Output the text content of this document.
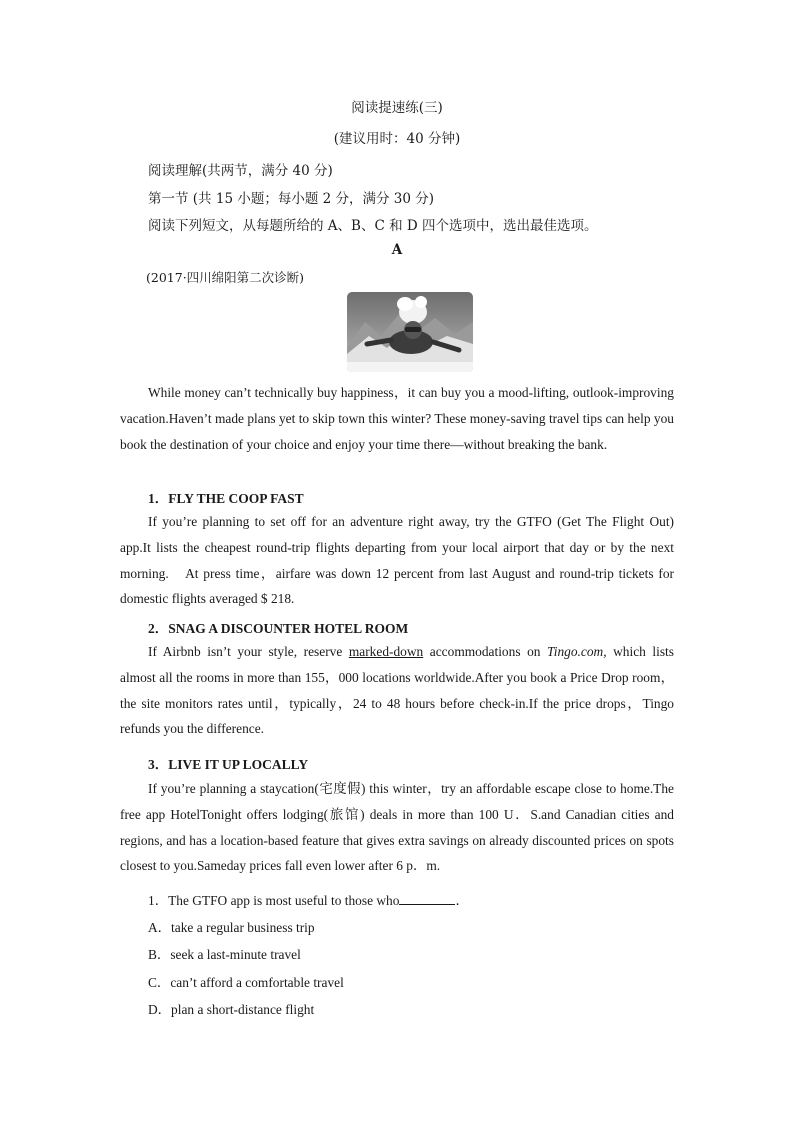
阅读提速练(三)
(建议用时：40 分钟)
阅读理解(共两节，满分 40 分)
第一节 (共 15 小题；每小题 2 分，满分 30 分)
阅读下列短文，从每题所给的 A、B、C 和 D 四个选项中，选出最佳选项。
A
(2017·四川绵阳第二次诊断)

While money can’t technically buy happiness，it can buy you a mood-lifting, outlook-improving vacation.Haven’t made plans yet to skip town this winter? These money-saving travel tips can help you book the destination of your choice and enjoy your time there—without breaking the bank.

1．FLY THE COOP FAST

If you’re planning to set off for an adventure right away, try the GTFO (Get The Flight Out) app.It lists the cheapest round-trip flights departing from your local airport that day or by the next morning.　At press time，airfare was down 12 percent from last August and round-trip tickets for domestic flights averaged $ 218.

2．SNAG A DISCOUNTER HOTEL ROOM

If Airbnb isn’t your style, reserve marked-down accommodations on Tingo.com, which lists almost all the rooms in more than 155，000 locations worldwide.After you book a Price Drop room，the site monitors rates until，typically，24 to 48 hours before check-in.If the price drops，Tingo refunds you the difference.

3．LIVE IT UP LOCALLY

If you’re planning a staycation(宅度假) this winter，try an affordable escape close to home.The free app HotelTonight offers lodging(旅馆) deals in more than 100 U．S.and Canadian cities and regions, and has a location-based feature that gives extra savings on already discounted prices on spots closest to you.Sameday prices fall even lower after 6 p．m.

1．The GTFO app is most useful to those who	．
A．take a regular business trip
B．seek a last-minute travel
C．can’t afford a comfortable travel
D．plan a short-distance flight
